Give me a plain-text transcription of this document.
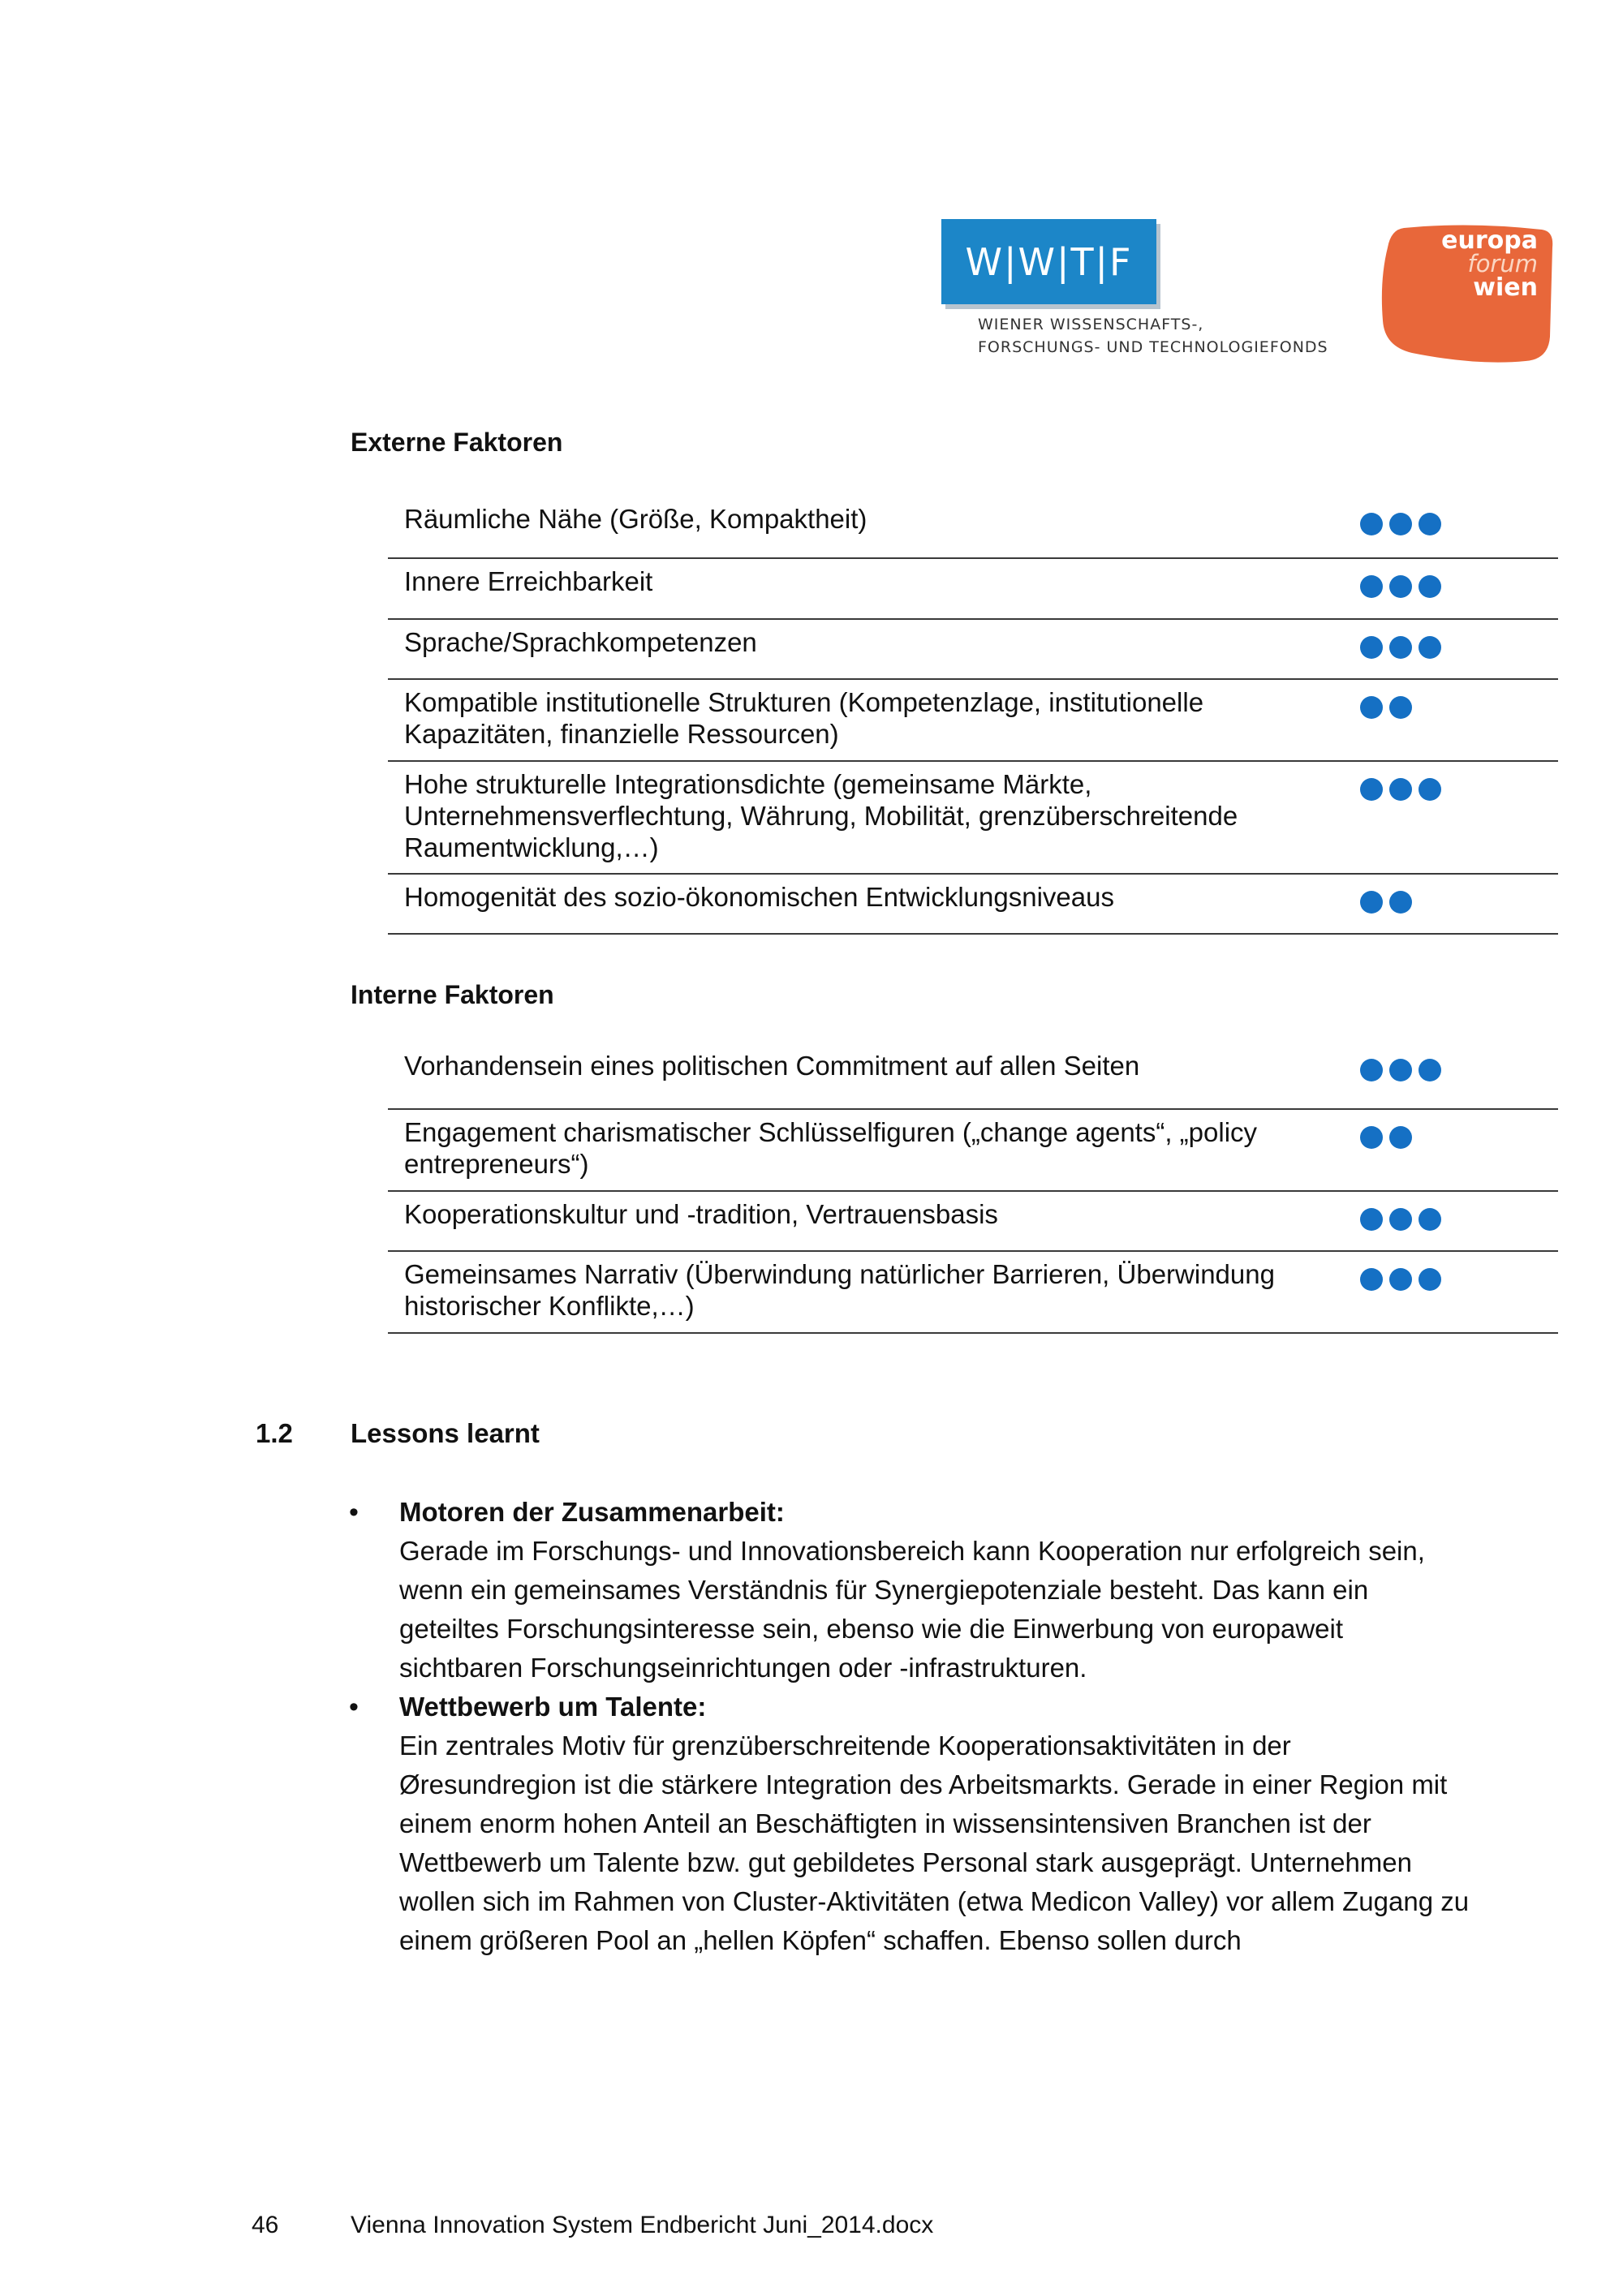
W|W|T|F
WIENER WISSENSCHAFTS-,
FORSCHUNGS- UND TECHNOLOGIEFONDS
europa
forum
wien
Externe Faktoren
Räumliche Nähe (Größe, Kompaktheit)
Innere Erreichbarkeit
Sprache/Sprachkompetenzen
Kompatible institutionelle Strukturen (Kompetenzlage, institutionelle Kapazitäten, finanzielle Ressourcen)
Hohe strukturelle Integrationsdichte (gemeinsame Märkte, Unternehmensverflechtung, Währung, Mobilität, grenzüberschreitende Raumentwicklung,…)
Homogenität des sozio-ökonomischen Entwicklungsniveaus
Interne Faktoren
Vorhandensein eines politischen Commitment auf allen Seiten
Engagement charismatischer Schlüsselfiguren („change agents“, „policy entrepreneurs“)
Kooperationskultur und -tradition, Vertrauensbasis
Gemeinsames Narrativ (Überwindung natürlicher Barrieren, Überwindung historischer Konflikte,…)
1.2 Lessons learnt
• Motoren der Zusammenarbeit:
Gerade im Forschungs- und Innovationsbereich kann Kooperation nur erfolgreich sein,
wenn ein gemeinsames Verständnis für Synergiepotenziale besteht. Das kann ein
geteiltes Forschungsinteresse sein, ebenso wie die Einwerbung von europaweit
sichtbaren Forschungseinrichtungen oder -infrastrukturen.
• Wettbewerb um Talente:
Ein zentrales Motiv für grenzüberschreitende Kooperationsaktivitäten in der
Øresundregion ist die stärkere Integration des Arbeitsmarkts. Gerade in einer Region mit
einem enorm hohen Anteil an Beschäftigten in wissensintensiven Branchen ist der
Wettbewerb um Talente bzw. gut gebildetes Personal stark ausgeprägt. Unternehmen
wollen sich im Rahmen von Cluster-Aktivitäten (etwa Medicon Valley) vor allem Zugang zu
einem größeren Pool an „hellen Köpfen“ schaffen. Ebenso sollen durch
46	Vienna Innovation System Endbericht Juni_2014.docx
